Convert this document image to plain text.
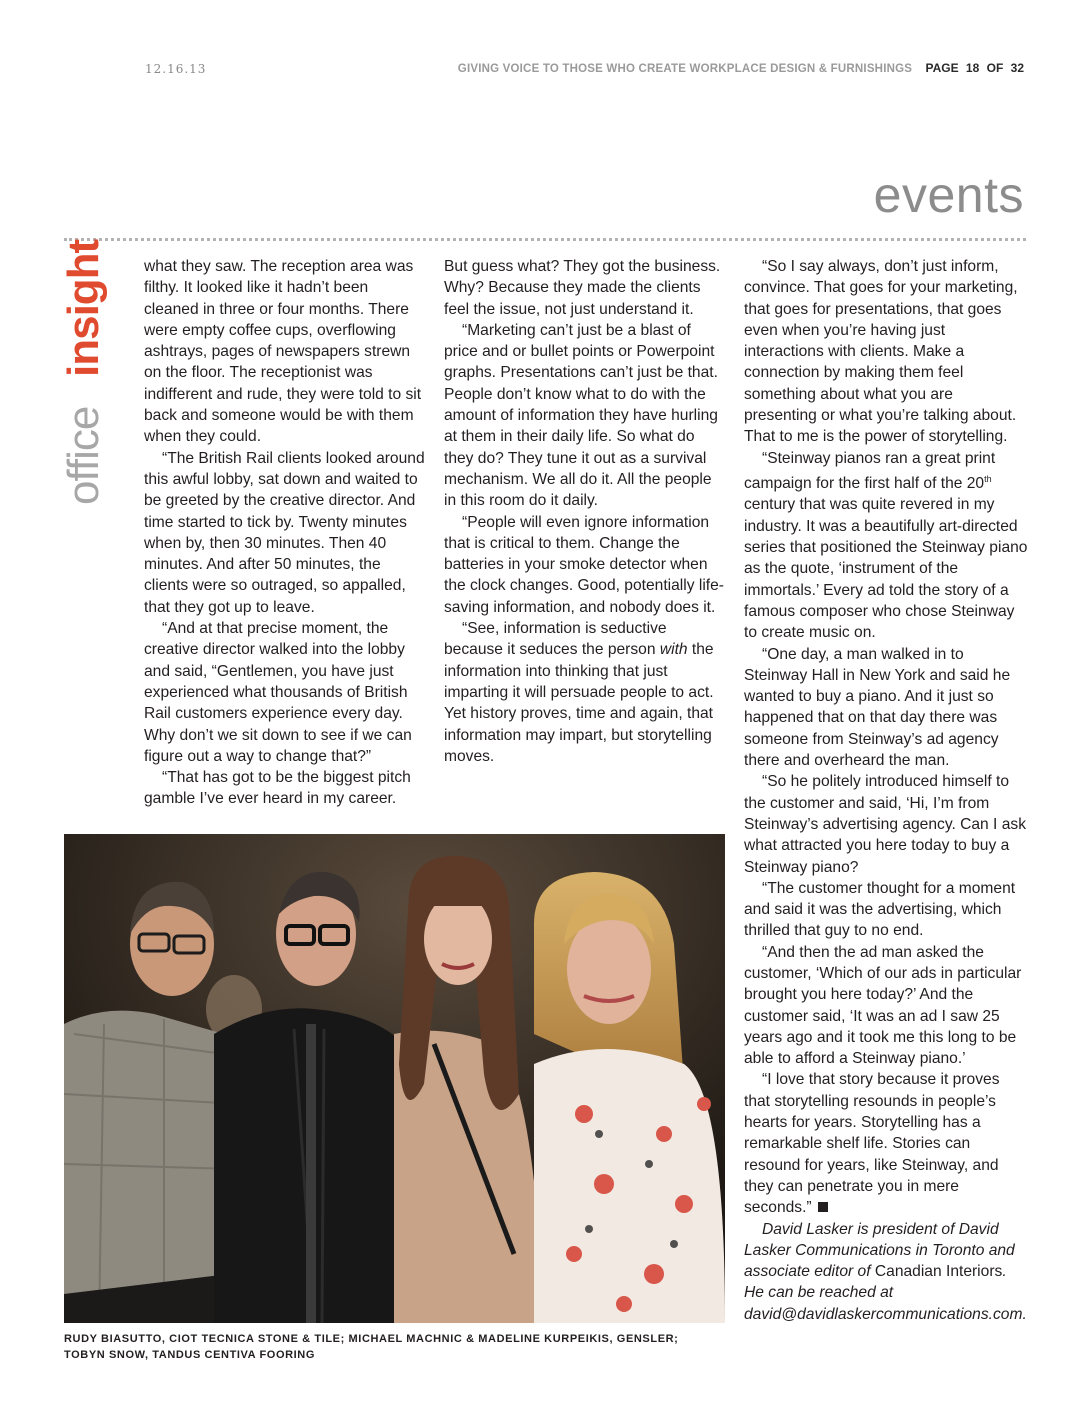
12.16.13	GIVING VOICE TO THOSE WHO CREATE WORKPLACE DESIGN & FURNISHINGS PAGE 18 OF 32
events
office
insight what they saw. The reception area was filthy. It looked like it hadn’t been cleaned in three or four months. There were empty coffee cups, overflowing ashtrays, pages of newspapers strewn on the floor. The receptionist was indifferent and rude, they were told to sit back and someone would be with them when they could.

“The British Rail clients looked around this awful lobby, sat down and waited to be greeted by the creative director. And time started to tick by. Twenty minutes when by, then 30 minutes. Then 40 minutes. And after 50 minutes, the clients were so outraged, so appalled, that they got up to leave.

“And at that precise moment, the creative director walked into the lobby and said, “Gentlemen, you have just experienced what thousands of British Rail customers experience every day. Why don’t we sit down to see if we can figure out a way to change that?”

“That has got to be the biggest pitch gamble I’ve ever heard in my career.

But guess what? They got the business. Why? Because they made the clients feel the issue, not just understand it.

“Marketing can’t just be a blast of price and or bullet points or Powerpoint graphs. Presentations can’t just be that. People don’t know what to do with the amount of information they have hurling at them in their daily life. So what do they do? They tune it out as a survival mechanism. We all do it. All the people in this room do it daily.

“People will even ignore information that is critical to them. Change the batteries in your smoke detector when the clock changes. Good, potentially life-saving information, and nobody does it.

“See, information is seductive because it seduces the person with the information into thinking that just imparting it will persuade people to act. Yet history proves, time and again, that information may impart, but storytelling moves.

“So I say always, don’t just inform, convince. That goes for your marketing, that goes for presentations, that goes even when you’re having just interactions with clients. Make a connection by making them feel something about what you are presenting or what you’re talking about. That to me is the power of storytelling.

“Steinway pianos ran a great print campaign for the first half of the 20th century that was quite revered in my industry. It was a beautifully art-directed series that positioned the Steinway piano as the quote, ‘instrument of the immortals.’ Every ad told the story of a famous composer who chose Steinway to create music on.

“One day, a man walked in to Steinway Hall in New York and said he wanted to buy a piano. And it just so happened that on that day there was someone from Steinway’s ad agency there and overheard the man.

“So he politely introduced himself to the customer and said, ‘Hi, I’m from Steinway’s advertising agency. Can I ask what attracted you here today to buy a Steinway piano?

“The customer thought for a moment and said it was the advertising, which thrilled that guy to no end.

“And then the ad man asked the customer, ‘Which of our ads in particular brought you here today?’ And the customer said, ‘It was an ad I saw 25 years ago and it took me this long to be able to afford a Steinway piano.’

“I love that story because it proves that storytelling resounds in people’s hearts for years. Storytelling has a remarkable shelf life. Stories can resound for years, like Steinway, and they can penetrate you in mere seconds.”

David Lasker is president of David Lasker Communications in Toronto and associate editor of Canadian Interiors. He can be reached at david@davidlaskercommunications.com.

RUDY BIASUTTO, CIOT TECNICA STONE & TILE; MICHAEL MACHNIC & MADELINE KURPEIKIS, GENSLER;
TOBYN SNOW, TANDUS CENTIVA FOORING
